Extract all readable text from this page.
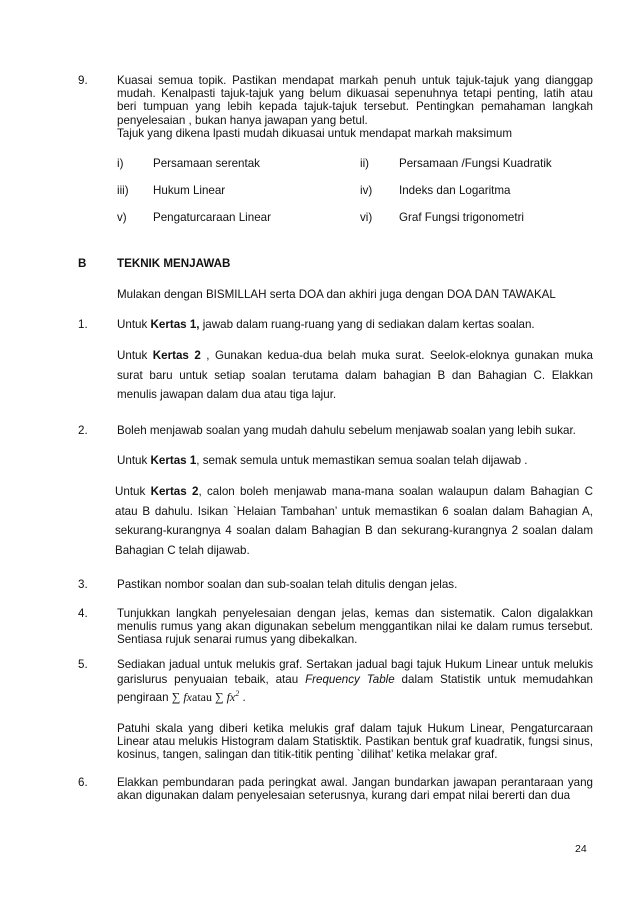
9.	Kuasai semua topik. Pastikan mendapat markah penuh untuk tajuk-tajuk yang dianggap mudah. Kenalpasti tajuk-tajuk yang belum dikuasai sepenuhnya tetapi penting, latih atau beri tumpuan yang lebih kepada tajuk-tajuk tersebut. Pentingkan pemahaman langkah penyelesaian , bukan hanya jawapan yang betul.
Tajuk yang dikena lpasti mudah dikuasai untuk mendapat markah maksimum
i)	Persamaan serentak	ii)	Persamaan /Fungsi Kuadratik
iii) Hukum Linear	iv) Indeks dan Logaritma
v) Pengaturcaraan Linear	vi) Graf Fungsi trigonometri
B	TEKNIK MENJAWAB
Mulakan dengan BISMILLAH serta DOA dan akhiri juga dengan DOA DAN TAWAKAL
1.	Untuk Kertas 1, jawab dalam ruang-ruang yang di sediakan dalam kertas soalan.
Untuk Kertas 2 , Gunakan kedua-dua belah muka surat. Seelok-eloknya gunakan muka surat baru untuk setiap soalan terutama dalam bahagian B dan Bahagian C. Elakkan menulis jawapan dalam dua atau tiga lajur.
2.	Boleh menjawab soalan yang mudah dahulu sebelum menjawab soalan yang lebih sukar.
Untuk Kertas 1, semak semula untuk memastikan semua soalan telah dijawab .
Untuk Kertas 2, calon boleh menjawab mana-mana soalan walaupun dalam Bahagian C atau B dahulu. Isikan `Helaian Tambahan’ untuk memastikan 6 soalan dalam Bahagian A, sekurang-kurangnya 4 soalan dalam Bahagian B dan sekurang-kurangnya 2 soalan dalam Bahagian C telah dijawab.
3.	Pastikan nombor soalan dan sub-soalan telah ditulis dengan jelas.
4.	Tunjukkan langkah penyelesaian dengan jelas, kemas dan sistematik. Calon digalakkan menulis rumus yang akan digunakan sebelum menggantikan nilai ke dalam rumus tersebut. Sentiasa rujuk senarai rumus yang dibekalkan.
5.	Sediakan jadual untuk melukis graf. Sertakan jadual bagi tajuk Hukum Linear untuk melukis garislurus penyuaian tebaik, atau Frequency Table dalam Statistik untuk memudahkan pengiraan ∑ fxatau ∑ $fx^2$ .
Patuhi skala yang diberi ketika melukis graf dalam tajuk Hukum Linear, Pengaturcaraan Linear atau melukis Histogram dalam Statisktik. Pastikan bentuk graf kuadratik, fungsi sinus, kosinus, tangen, salingan dan titik-titik penting `dilihat’ ketika melakar graf.
6.	Elakkan pembundaran pada peringkat awal. Jangan bundarkan jawapan perantaraan yang akan digunakan dalam penyelesaian seterusnya, kurang dari empat nilai bererti dan dua
24
